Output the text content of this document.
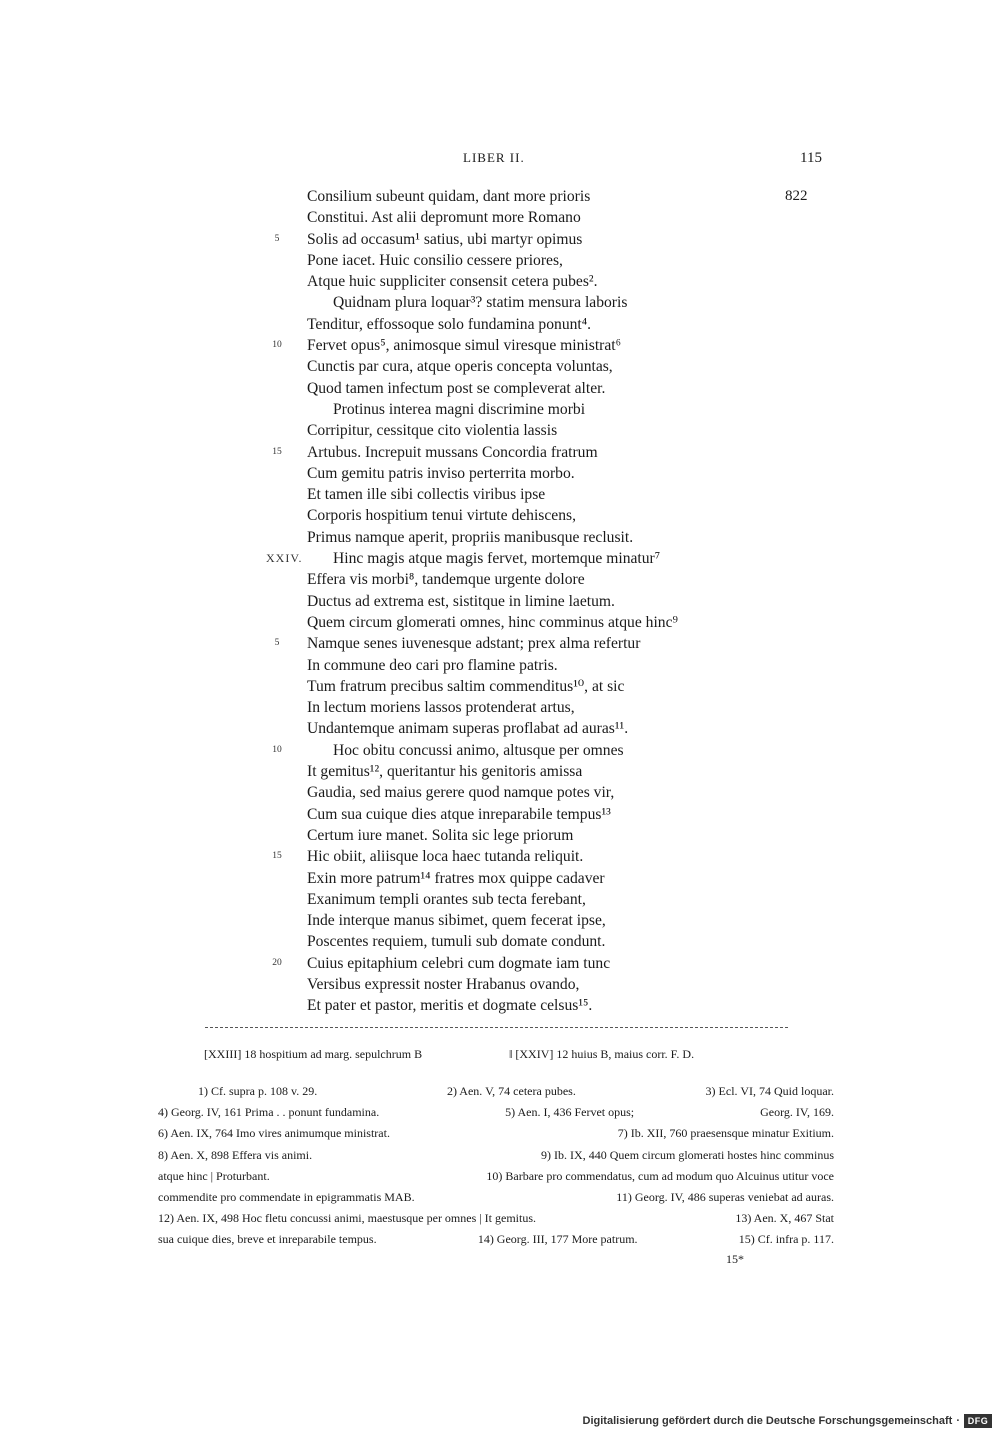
LIBER II.	115
822
Consilium subeunt quidam, dant more prioris
Constitui. Ast alii depromunt more Romano
5	Solis ad occasum¹ satius, ubi martyr opimus
Pone iacet. Huic consilio cessere priores,
Atque huic suppliciter consensit cetera pubes².
Quidnam plura loquar³? statim mensura laboris
Tenditur, effossoque solo fundamina ponunt⁴.
10	Fervet opus⁵, animosque simul viresque ministrat⁶
Cunctis par cura, atque operis concepta voluntas,
Quod tamen infectum post se compleverat alter.
Protinus interea magni discrimine morbi
Corripitur, cessitque cito violentia lassis
15	Artubus. Increpuit mussans Concordia fratrum
Cum gemitu patris inviso perterrita morbo.
Et tamen ille sibi collectis viribus ipse
Corporis hospitium tenui virtute dehiscens,
Primus namque aperit, propriis manibusque reclusit.
XXIV. Hinc magis atque magis fervet, mortemque minatur⁷
Effera vis morbi⁸, tandemque urgente dolore
Ductus ad extrema est, sistitque in limine laetum.
Quem circum glomerati omnes, hinc comminus atque hinc⁹
5	Namque senes iuvenesque adstant; prex alma refertur
In commune deo cari pro flamine patris.
Tum fratrum precibus saltim commenditus¹⁰, at sic
In lectum moriens lassos protenderat artus,
Undantemque animam superas proflabat ad auras¹¹.
10	Hoc obitu concussi animo, altusque per omnes
It gemitus¹², queritantur his genitoris amissa
Gaudia, sed maius gerere quod namque potes vir,
Cum sua cuique dies atque inreparabile tempus¹³
Certum iure manet. Solita sic lege priorum
15	Hic obiit, aliisque loca haec tutanda reliquit.
Exin more patrum¹⁴ fratres mox quippe cadaver
Exanimum templi orantes sub tecta ferebant,
Inde interque manus sibimet, quem fecerat ipse,
Poscentes requiem, tumuli sub domate condunt.
20	Cuius epitaphium celebri cum dogmate iam tunc
Versibus expressit noster Hrabanus ovando,
Et pater et pastor, meritis et dogmate celsus¹⁵.
[XXIII] 18 hospitium ad marg. sepulchrum B	‖ [XXIV] 12 huius B, maius corr. F. D.
1) Cf. supra p. 108 v. 29.	2) Aen. V, 74 cetera pubes.	3) Ecl. VI, 74 Quid loquar.
4) Georg. IV, 161 Prima . . ponunt fundamina.	5) Aen. I, 436 Fervet opus;	Georg. IV, 169.
6) Aen. IX, 764 Imo vires animumque ministrat.	7) Ib. XII, 760 praesensque minatur Exitium.
8) Aen. X, 898 Effera vis animi.	9) Ib. IX, 440 Quem circum glomerati hostes hinc comminus
atque hinc | Proturbant.	10) Barbare pro commendatus, cum ad modum quo Alcuinus utitur voce
commendite pro commendate in epigrammatis MAB.	11) Georg. IV, 486 superas veniebat ad auras.
12) Aen. IX, 498 Hoc fletu concussi animi, maestusque per omnes | It gemitus.	13) Aen. X, 467 Stat
sua cuique dies, breve et inreparabile tempus.	14) Georg. III, 177 More patrum.	15) Cf. infra p. 117.
15*
Digitalisierung gefördert durch die Deutsche Forschungsgemeinschaft · DFG
